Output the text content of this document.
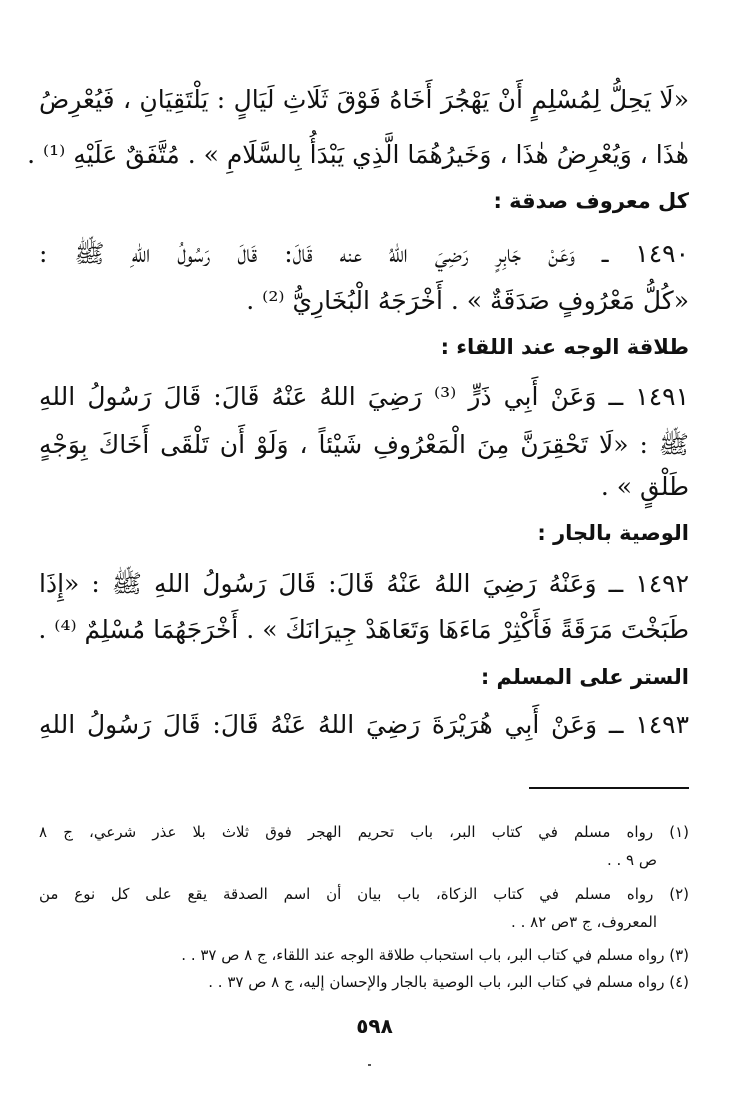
«لَا يَحِلُّ لِمُسْلِمٍ أَنْ يَهْجُرَ أَخَاهُ فَوْقَ ثَلَاثِ لَيَالٍ : يَلْتَقِيَانِ ، فَيُعْرِضُ
هٰذَا ، وَيُعْرِضُ هٰذَا ، وَخَيرُهُمَا الَّذِي يَبْدَأُ بِالسَّلَامِ » . مُتَّفَقٌ عَلَيْهِ ⁽¹⁾ .
كل معروف صدقة :
١٤٩٠ ــ وَعَنْ جَابِرٍ رَضِيَ اللهُ عنه قَالَ: قَالَ رَسُولُ اللهِ ﷺ :
«كُلُّ مَعْرُوفٍ صَدَقَةٌ » . أَخْرَجَهُ الْبُخَارِيُّ ⁽²⁾ .
طلاقة الوجه عند اللقاء :
١٤٩١ ــ وَعَنْ أَبِي ذَرٍّ ⁽³⁾ رَضِيَ اللهُ عَنْهُ قَالَ: قَالَ رَسُولُ اللهِ
ﷺ : «لَا تَحْقِرَنَّ مِنَ الْمَعْرُوفِ شَيْئاً ، وَلَوْ أَن تَلْقَى أَخَاكَ بِوَجْهٍ
طَلْقٍ » .
الوصية بالجار :
١٤٩٢ ــ وَعَنْهُ رَضِيَ اللهُ عَنْهُ قَالَ: قَالَ رَسُولُ اللهِ ﷺ : «إِذَا
طَبَخْتَ مَرَقَةً فَأَكْثِرْ مَاءَهَا وَتَعَاهَدْ جِيرَانَكَ » . أَخْرَجَهُمَا مُسْلِمٌ ⁽⁴⁾ .
الستر على المسلم :
١٤٩٣ ــ وَعَنْ أَبِي هُرَيْرَةَ رَضِيَ اللهُ عَنْهُ قَالَ: قَالَ رَسُولُ اللهِ
(١) رواه مسلم في كتاب البر، باب تحريم الهجر فوق ثلاث بلا عذر شرعي، ج ٨
ص ٩ . .
(٢) رواه مسلم في كتاب الزكاة، باب بيان أن اسم الصدقة يقع على كل نوع من
المعروف، ج ٣ص ٨٢ . .
(٣) رواه مسلم في كتاب البر، باب استحباب طلاقة الوجه عند اللقاء، ج ٨ ص ٣٧ . .
(٤) رواه مسلم في كتاب البر، باب الوصية بالجار والإحسان إليه، ج ٨ ص ٣٧ . .
٥٩٨
